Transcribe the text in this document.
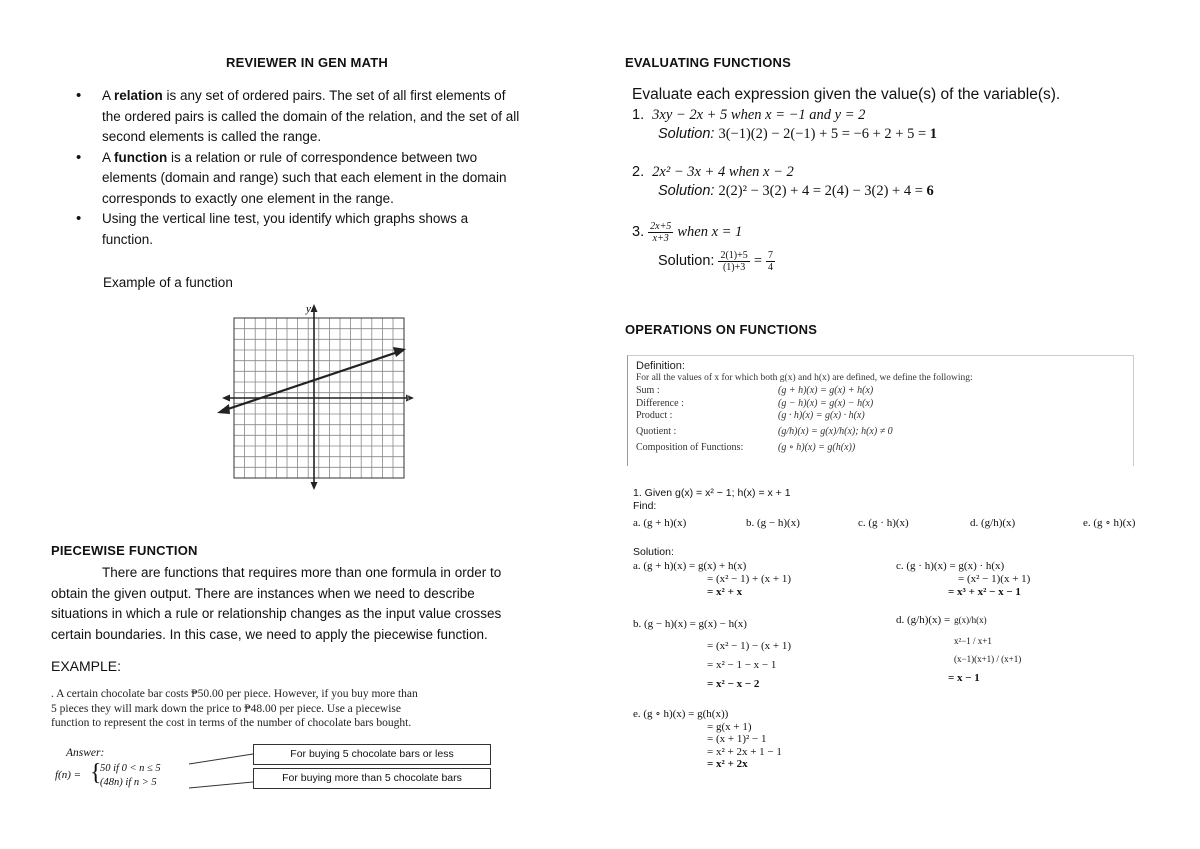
REVIEWER IN GEN MATH
• A relation is any set of ordered pairs. The set of all first elements of
the ordered pairs is called the domain of the relation, and the set of all
second elements is called the range.
• A function is a relation or rule of correspondence between two
elements (domain and range) such that each element in the domain
corresponds to exactly one element in the range.
• Using the vertical line test, you identify which graphs shows a
function.
Example of a function
y
x
PIECEWISE FUNCTION
There are functions that requires more than one formula in order to
obtain the given output. There are instances when we need to describe
situations in which a rule or relationship changes as the input value crosses
certain boundaries. In this case, we need to apply the piecewise function.
EXAMPLE:
. A certain chocolate bar costs ₱50.00 per piece. However, if you buy more than
5 pieces they will mark down the price to ₱48.00 per piece. Use a piecewise
function to represent the cost in terms of the number of chocolate bars bought.
Answer:
f(n) = {
50 if 0 < n ≤ 5
(48n) if n > 5
For buying 5 chocolate bars or less
For buying more than 5 chocolate bars
EVALUATING FUNCTIONS
Evaluate each expression given the value(s) of the variable(s).
1. 3xy − 2x + 5 when x = −1 and y = 2
Solution: 3(−1)(2) − 2(−1) + 5 = −6 + 2 + 5 = 1
2. 2x² − 3x + 4 when x − 2
Solution: 2(2)² − 3(2) + 4 = 2(4) − 3(2) + 4 = 6
3.
$\frac{2x+5}{x+3}$
when x = 1
Solution:
$\frac{2(1)+5}{(1)+3}$
=
$\frac{7}{4}$
OPERATIONS ON FUNCTIONS
Definition:
For all the values of x for which both g(x) and h(x) are defined, we define the following:
Sum :	(g + h)(x) = g(x) + h(x)
Difference :	(g − h)(x) = g(x) − h(x)
Product :	(g · h)(x) = g(x) · h(x)
Quotient :	(g/h)(x) = g(x)/h(x); h(x) ≠ 0
Composition of Functions:	(g ∘ h)(x) = g(h(x))
1. Given g(x) = x² − 1; h(x) = x + 1
Find:
a. (g + h)(x)	b. (g − h)(x)	c. (g · h)(x)	d. (g/h)(x)	e. (g ∘ h)(x)
Solution:
a. (g + h)(x) = g(x) + h(x)
= (x² − 1) + (x + 1)
= x² + x
b. (g − h)(x) = g(x) − h(x)
= (x² − 1) − (x + 1)
= x² − 1 − x − 1
= x² − x − 2
c. (g · h)(x) = g(x) · h(x)
= (x² − 1)(x + 1)
= x³ + x² − x − 1
d. (g/h)(x) = g(x)/h(x)
x²−1 / x+1
(x−1)(x+1) / (x+1)
= x − 1
e. (g ∘ h)(x) = g(h(x))
= g(x + 1)
= (x + 1)² − 1
= x² + 2x + 1 − 1
= x² + 2x
